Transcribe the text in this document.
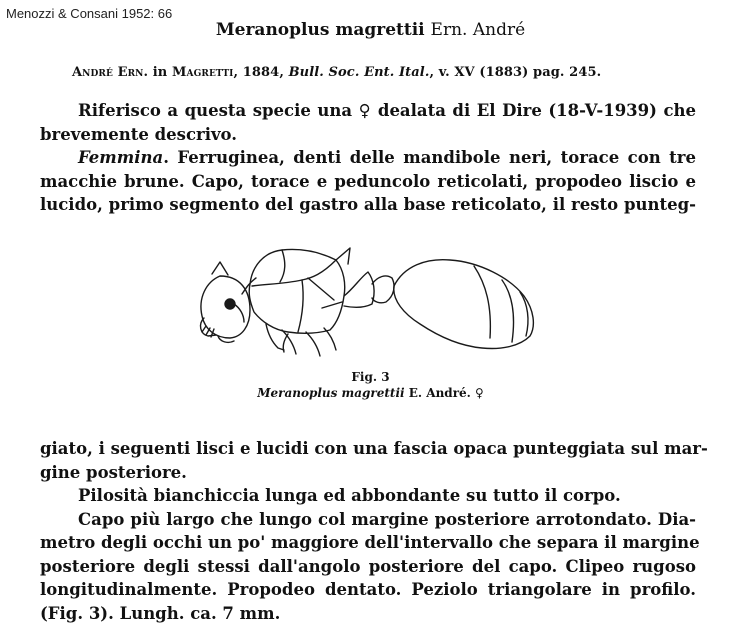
Menozzi & Consani 1952: 66
Meranoplus magrettii Ern. André
André Ern. in Magretti, 1884, Bull. Soc. Ent. Ital., v. XV (1883) pag. 245.
Riferisco a questa specie una ♀ dealata di El Dire (18-V-1939) che
brevemente descrivo.
Femmina. Ferruginea, denti delle mandibole neri, torace con tre
macchie brune. Capo, torace e peduncolo reticolati, propodeo liscio e
lucido, primo segmento del gastro alla base reticolato, il resto punteg-
Fig. 3
Meranoplus magrettii E. André. ♀
giato, i seguenti lisci e lucidi con una fascia opaca punteggiata sul mar-
gine posteriore.
Pilosità bianchiccia lunga ed abbondante su tutto il corpo.
Capo più largo che lungo col margine posteriore arrotondato. Dia-
metro degli occhi un po' maggiore dell'intervallo che separa il margine
posteriore degli stessi dall'angolo posteriore del capo. Clipeo rugoso
longitudinalmente. Propodeo dentato. Peziolo triangolare in profilo.
(Fig. 3). Lungh. ca. 7 mm.
